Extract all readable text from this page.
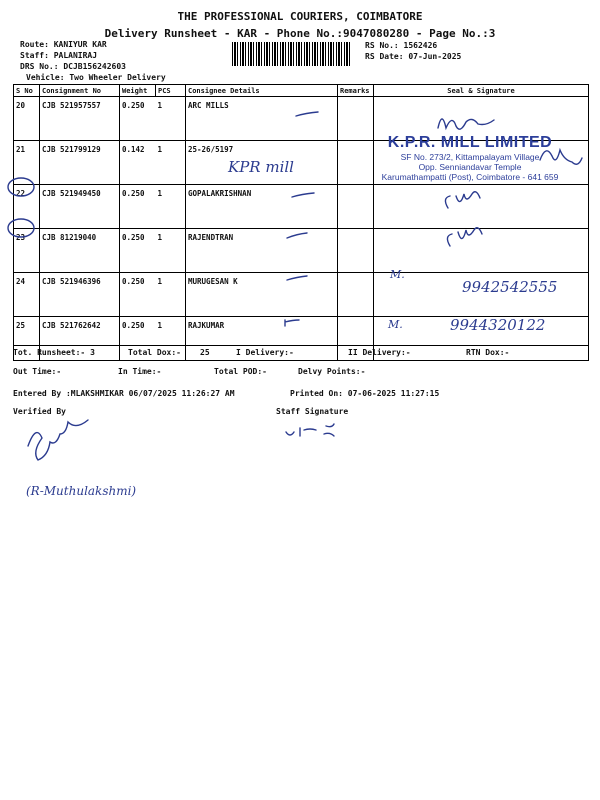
THE PROFESSIONAL COURIERS, COIMBATORE
Delivery Runsheet - KAR - Phone No.:9047080280 - Page No.:3
Route: KANIYUR KAR
Staff: PALANIRAJ
DRS No.: DCJB156242603
Vehicle: Two Wheeler Delivery
RS No.: 1562426
RS Date: 07-Jun-2025
S No	Consignment No	Weight	PCS	Consignee Details	Remarks	Seal & Signature
20	CJB 521957557	0.250	1	ARC MILLS		
21	CJB 521799129	0.142	1	25-26/5197		
22	CJB 521949450	0.250	1	GOPALAKRISHNAN		
23	CJB 81219040	0.250	1	RAJENDTRAN		
24	CJB 521946396	0.250	1	MURUGESAN K		
25	CJB 521762642	0.250	1	RAJKUMAR		
K.P.R. MILL LIMITED
SF No. 273/2, Kittampalayam Village
Opp. Senniandavar Temple
Karumathampatti (Post), Coimbatore - 641 659
KPR mill
M.
9942542555
M.	9944320122
(R-Muthulakshmi)
Tot. Runsheet:- 3	Total Dox:- 25	I Delivery:-	II Delivery:-	RTN Dox:-
Out Time:-	In Time:-	Total POD:-	Delvy Points:-
Entered By :MLAKSHMIKAR 06/07/2025 11:26:27 AM	Printed On: 07-06-2025 11:27:15
Verified By	Staff Signature
